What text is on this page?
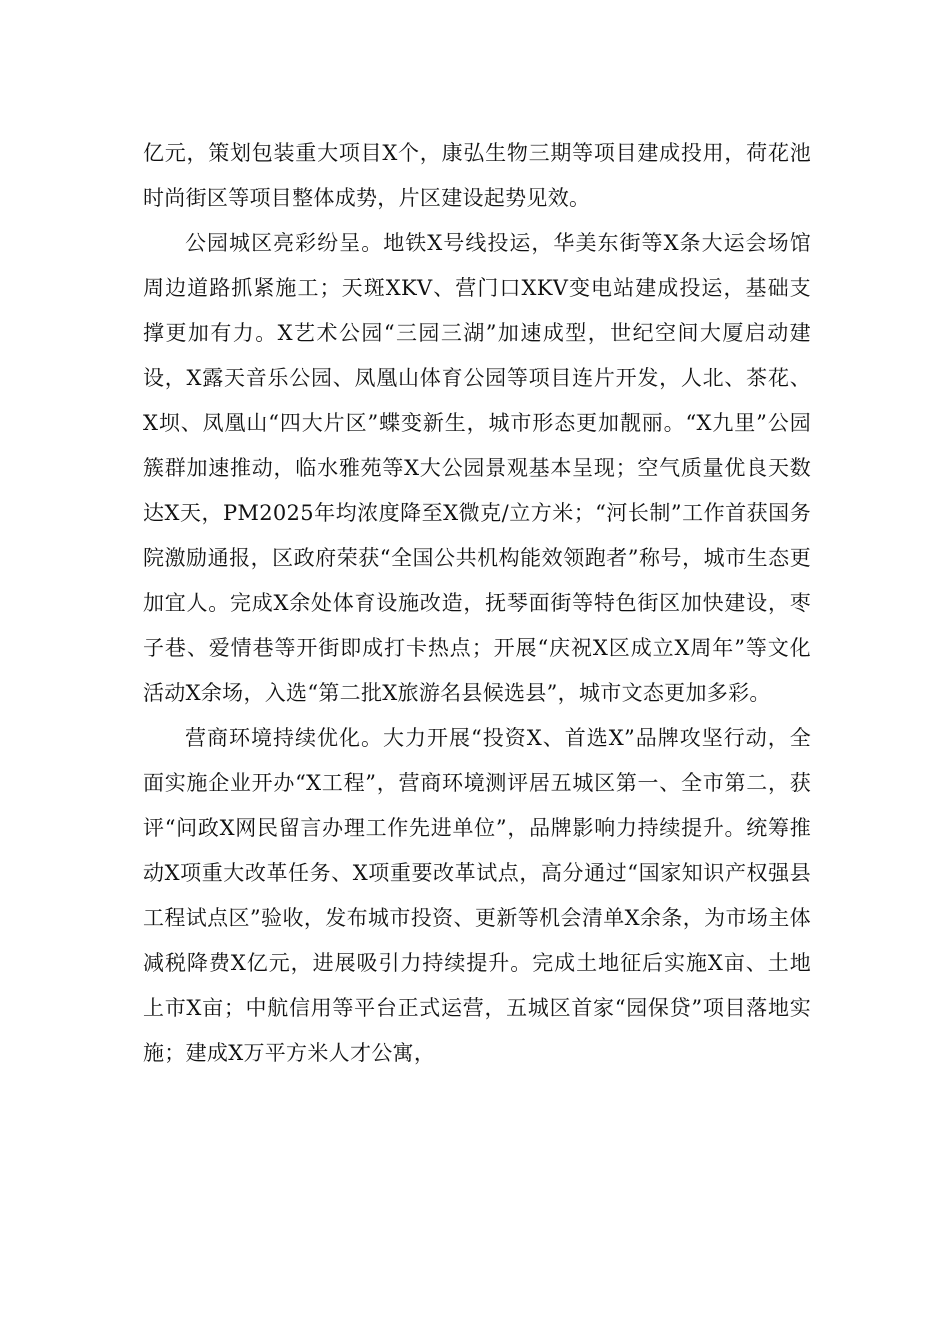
亿元，策划包装重大项目X个，康弘生物三期等项目建成投用，荷花池时尚街区等项目整体成势，片区建设起势见效。

公园城区亮彩纷呈。地铁X号线投运，华美东街等X条大运会场馆周边道路抓紧施工；天斑XKV、营门口XKV变电站建成投运，基础支撑更加有力。X艺术公园“三园三湖”加速成型，世纪空间大厦启动建设，X露天音乐公园、凤凰山体育公园等项目连片开发，人北、茶花、X坝、凤凰山“四大片区”蝶变新生，城市形态更加靓丽。“X九里”公园簇群加速推动，临水雅苑等X大公园景观基本呈现；空气质量优良天数达X天，PM2025年均浓度降至X微克/立方米；“河长制”工作首获国务院激励通报，区政府荣获“全国公共机构能效领跑者”称号，城市生态更加宜人。完成X余处体育设施改造，抚琴面街等特色街区加快建设，枣子巷、爱情巷等开街即成打卡热点；开展“庆祝X区成立X周年”等文化活动X余场，入选“第二批X旅游名县候选县”，城市文态更加多彩。

营商环境持续优化。大力开展“投资X、首选X”品牌攻坚行动，全面实施企业开办“X工程”，营商环境测评居五城区第一、全市第二，获评“问政X网民留言办理工作先进单位”，品牌影响力持续提升。统筹推动X项重大改革任务、X项重要改革试点，高分通过“国家知识产权强县工程试点区”验收，发布城市投资、更新等机会清单X余条，为市场主体减税降费X亿元，进展吸引力持续提升。完成土地征后实施X亩、土地上市X亩；中航信用等平台正式运营，五城区首家“园保贷”项目落地实施；建成X万平方米人才公寓，
